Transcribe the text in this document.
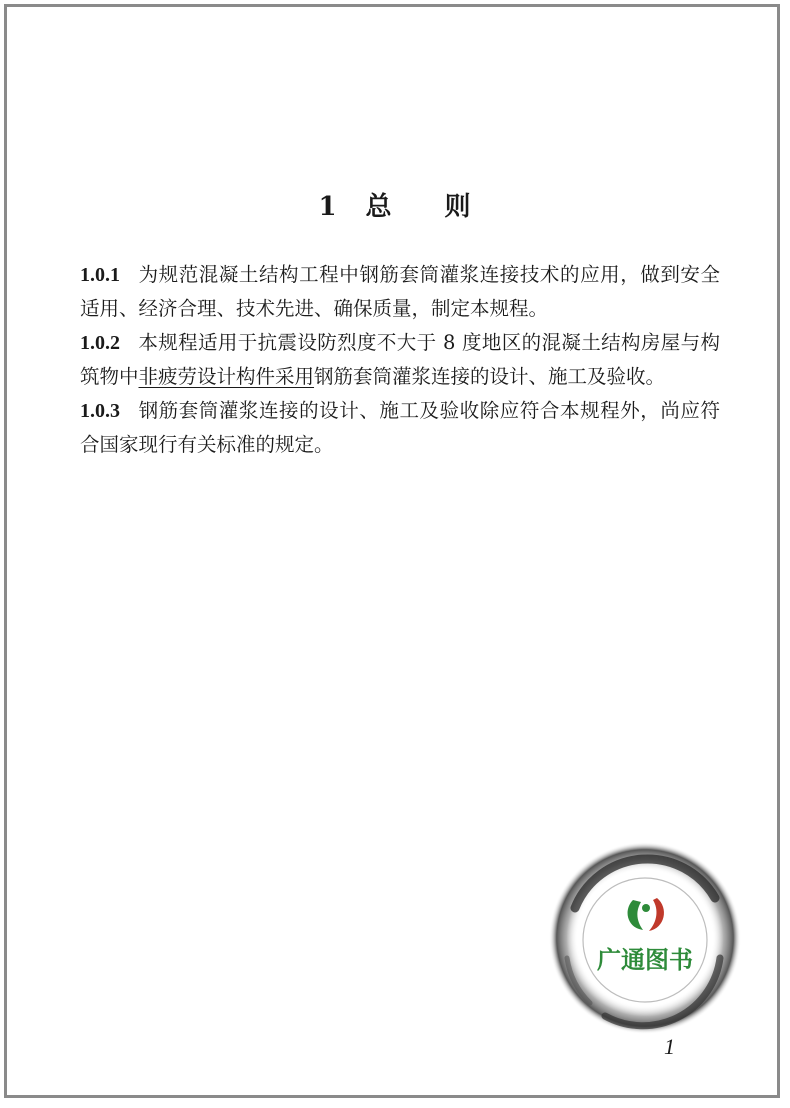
1 总 则

1.0.1 为规范混凝土结构工程中钢筋套筒灌浆连接技术的应用，做到安全适用、经济合理、技术先进、确保质量，制定本规程。

1.0.2 本规程适用于抗震设防烈度不大于 8 度地区的混凝土结构房屋与构筑物中非疲劳设计构件采用钢筋套筒灌浆连接的设计、施工及验收。

1.0.3 钢筋套筒灌浆连接的设计、施工及验收除应符合本规程外，尚应符合国家现行有关标准的规定。

广通图书
1
